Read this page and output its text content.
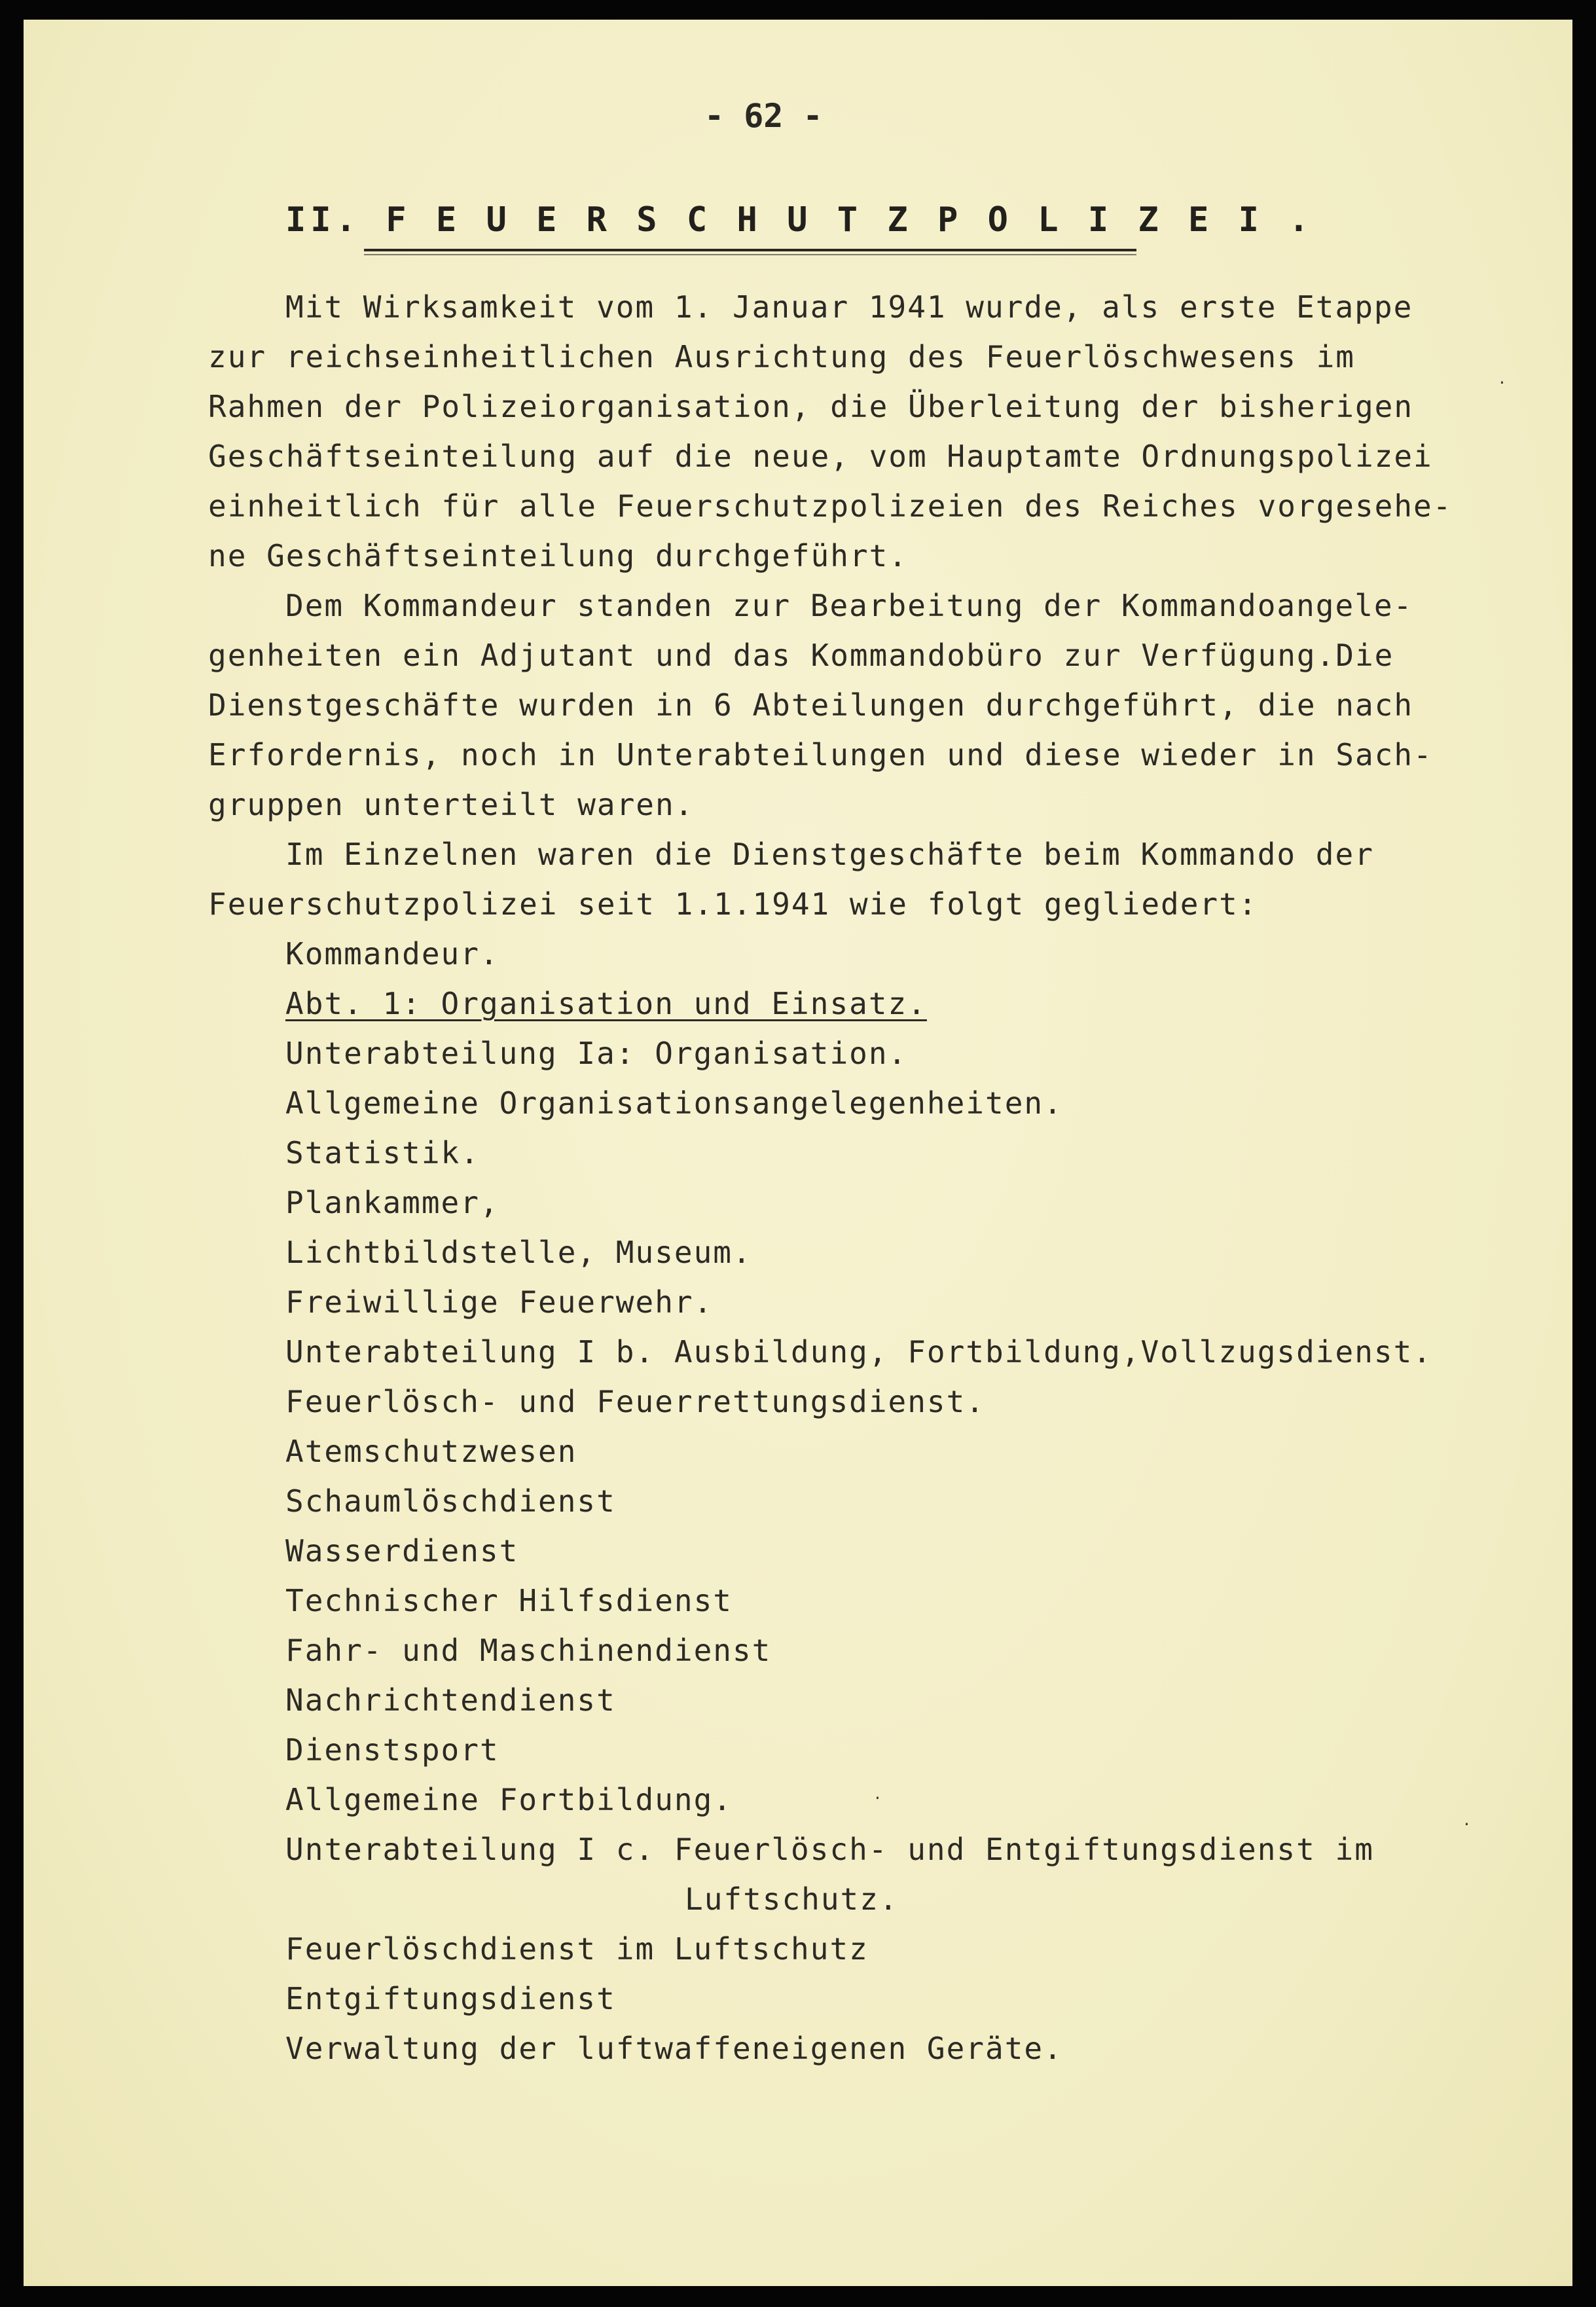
- 62 -
II. F E U E R S C H U T Z P O L I Z E I .
Mit Wirksamkeit vom 1. Januar 1941 wurde, als erste Etappe
zur reichseinheitlichen Ausrichtung des Feuerlöschwesens im
Rahmen der Polizeiorganisation, die Überleitung der bisherigen
Geschäftseinteilung auf die neue, vom Hauptamte Ordnungspolizei
einheitlich für alle Feuerschutzpolizeien des Reiches vorgesehe-
ne Geschäftseinteilung durchgeführt.
Dem Kommandeur standen zur Bearbeitung der Kommandoangele-
genheiten ein Adjutant und das Kommandobüro zur Verfügung.Die
Dienstgeschäfte wurden in 6 Abteilungen durchgeführt, die nach
Erfordernis, noch in Unterabteilungen und diese wieder in Sach-
gruppen unterteilt waren.
Im Einzelnen waren die Dienstgeschäfte beim Kommando der
Feuerschutzpolizei seit 1.1.1941 wie folgt gegliedert:
Kommandeur.
Abt. 1: Organisation und Einsatz.
Unterabteilung Ia: Organisation.
Allgemeine Organisationsangelegenheiten.
Statistik.
Plankammer,
Lichtbildstelle, Museum.
Freiwillige Feuerwehr.
Unterabteilung I b. Ausbildung, Fortbildung,Vollzugsdienst.
Feuerlösch- und Feuerrettungsdienst.
Atemschutzwesen
Schaumlöschdienst
Wasserdienst
Technischer Hilfsdienst
Fahr- und Maschinendienst
Nachrichtendienst
Dienstsport
Allgemeine Fortbildung.
Unterabteilung I c. Feuerlösch- und Entgiftungsdienst im
Luftschutz.
Feuerlöschdienst im Luftschutz
Entgiftungsdienst
Verwaltung der luftwaffeneigenen Geräte.
·
·
·
